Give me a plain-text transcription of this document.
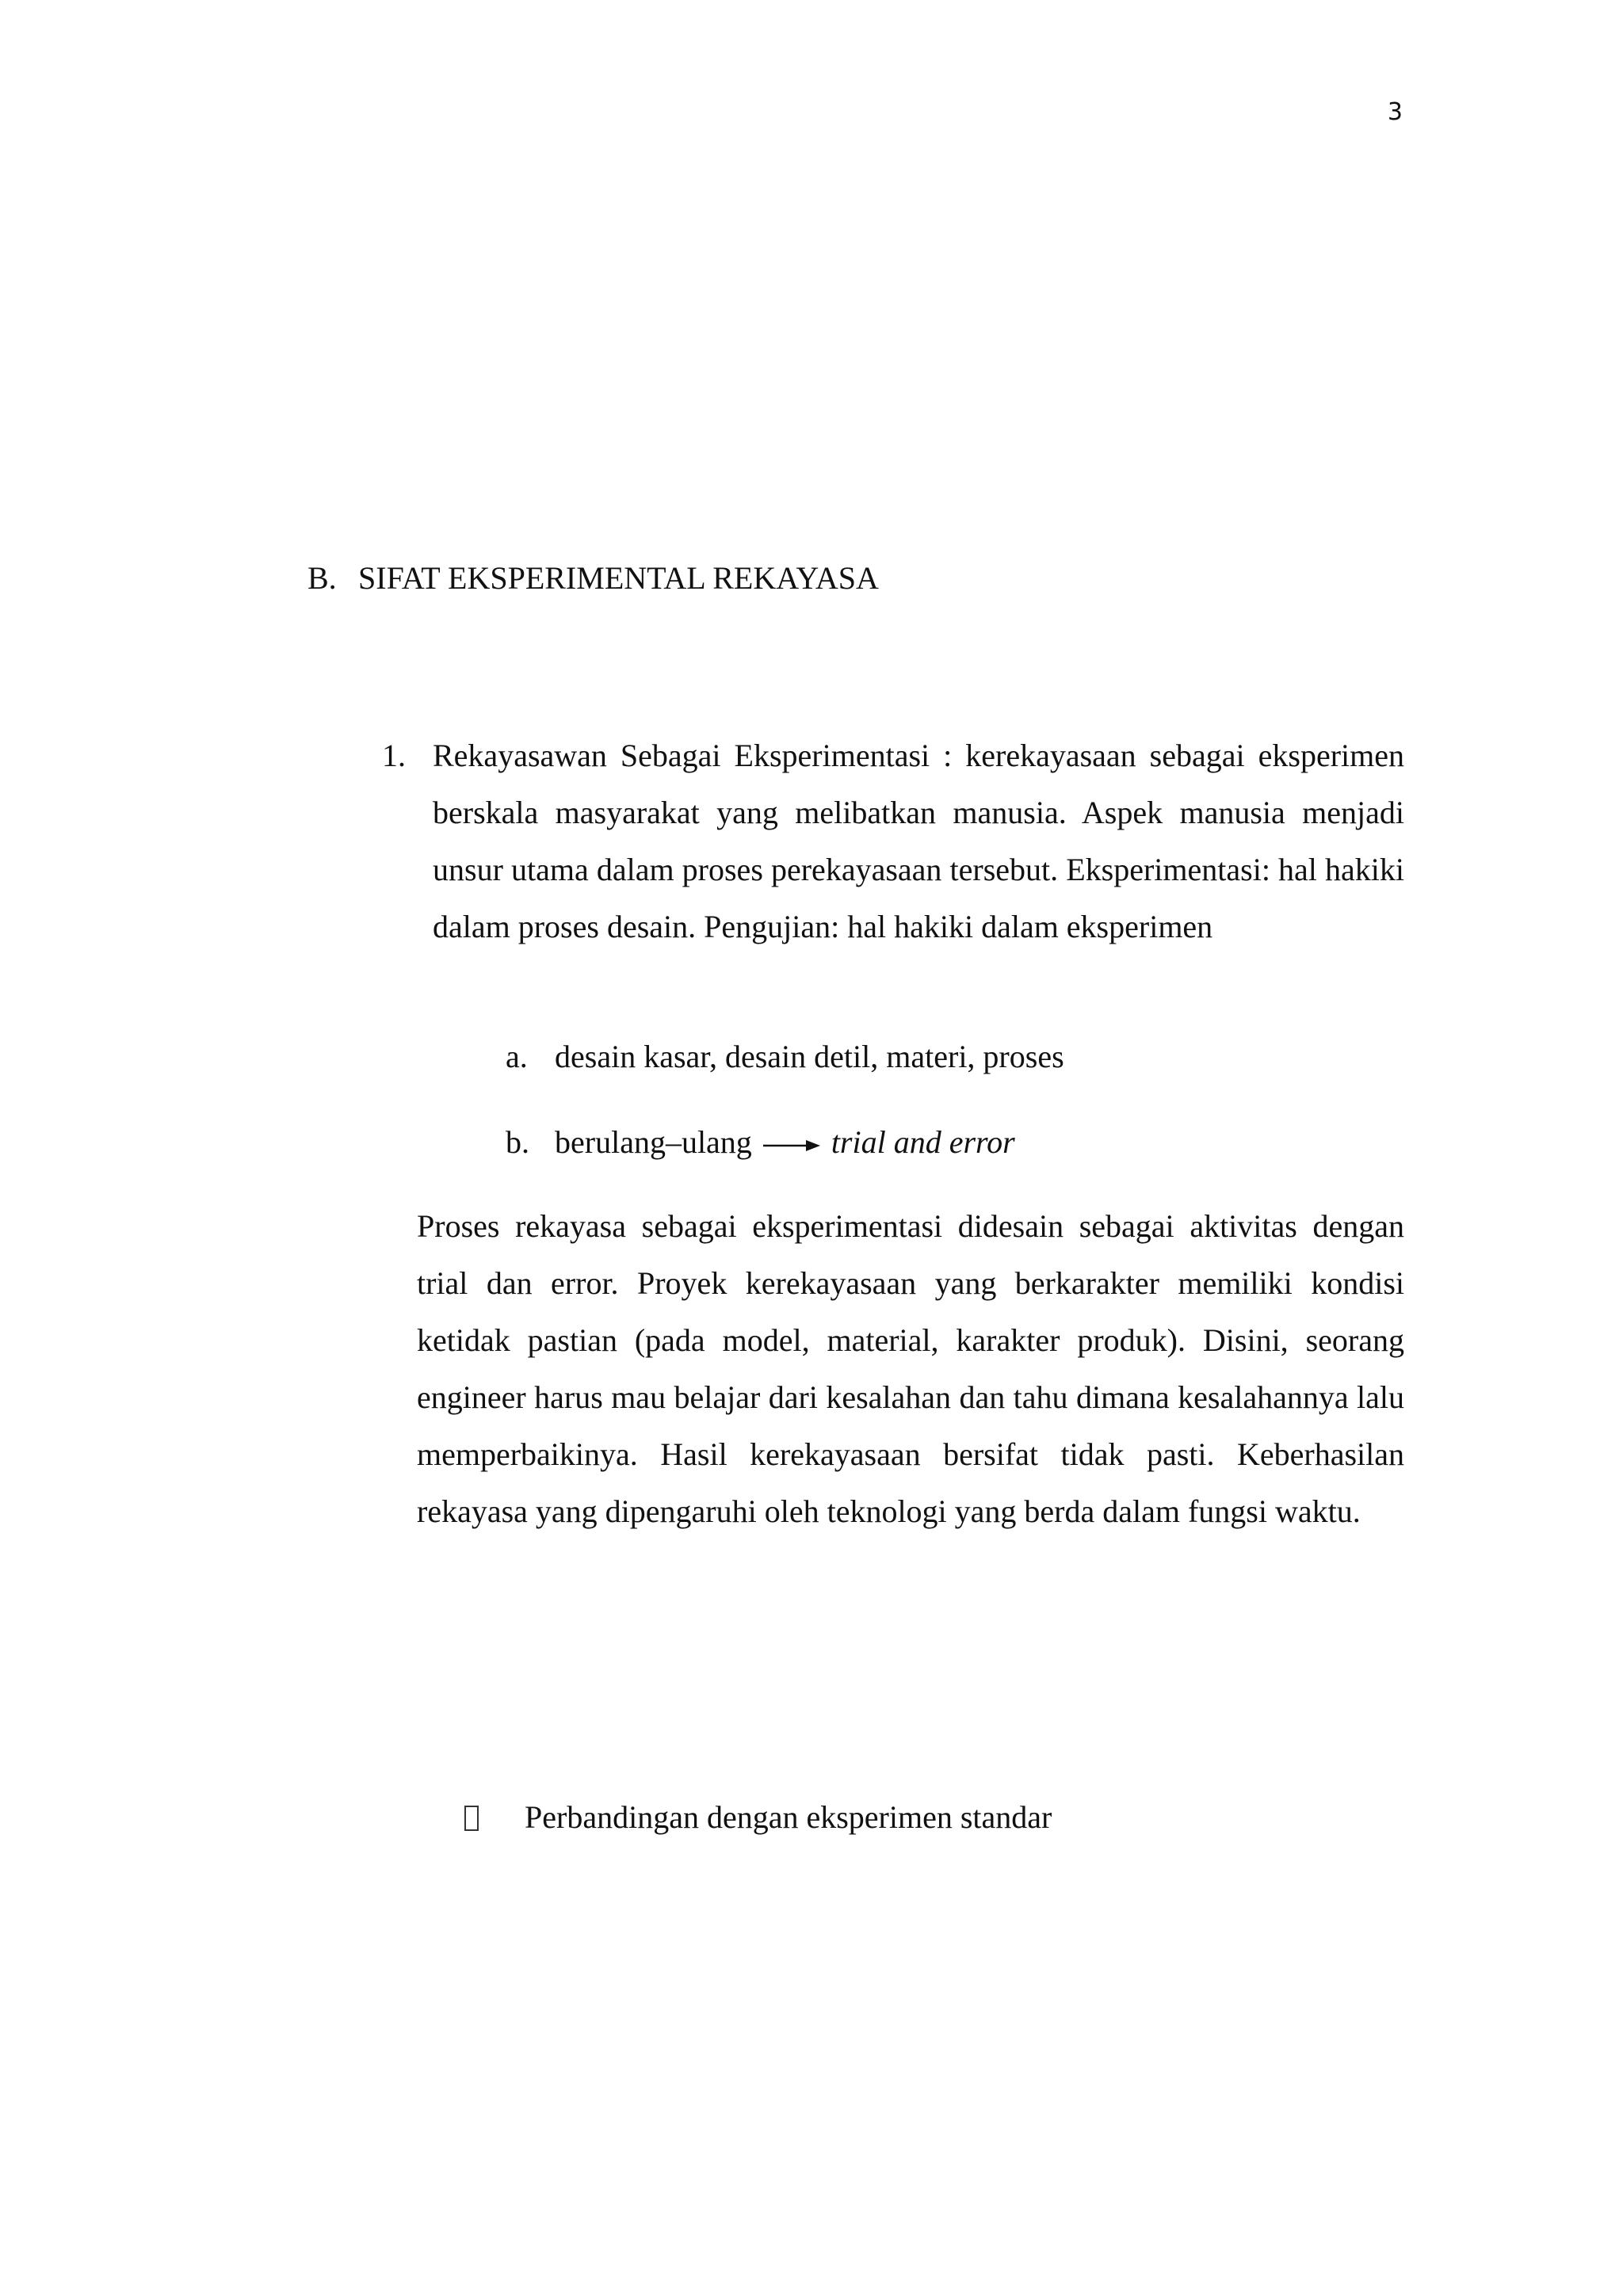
3
B. SIFAT EKSPERIMENTAL REKAYASA
1. Rekayasawan Sebagai Eksperimentasi : kerekayasaan sebagai eksperimen berskala masyarakat yang melibatkan manusia. Aspek manusia menjadi unsur utama dalam proses perekayasaan tersebut. Eksperimentasi: hal hakiki dalam proses desain. Pengujian: hal hakiki dalam eksperimen
a. desain kasar, desain detil, materi, proses
b. berulang–ulang	trial and error
Proses rekayasa sebagai eksperimentasi didesain sebagai aktivitas dengan trial dan error. Proyek kerekayasaan yang berkarakter memiliki kondisi ketidak pastian (pada model, material, karakter produk). Disini, seorang engineer harus mau belajar dari kesalahan dan tahu dimana kesalahannya lalu memperbaikinya. Hasil kerekayasaan bersifat tidak pasti. Keberhasilan rekayasa yang dipengaruhi oleh teknologi yang berda dalam fungsi waktu.
Perbandingan dengan eksperimen standar
